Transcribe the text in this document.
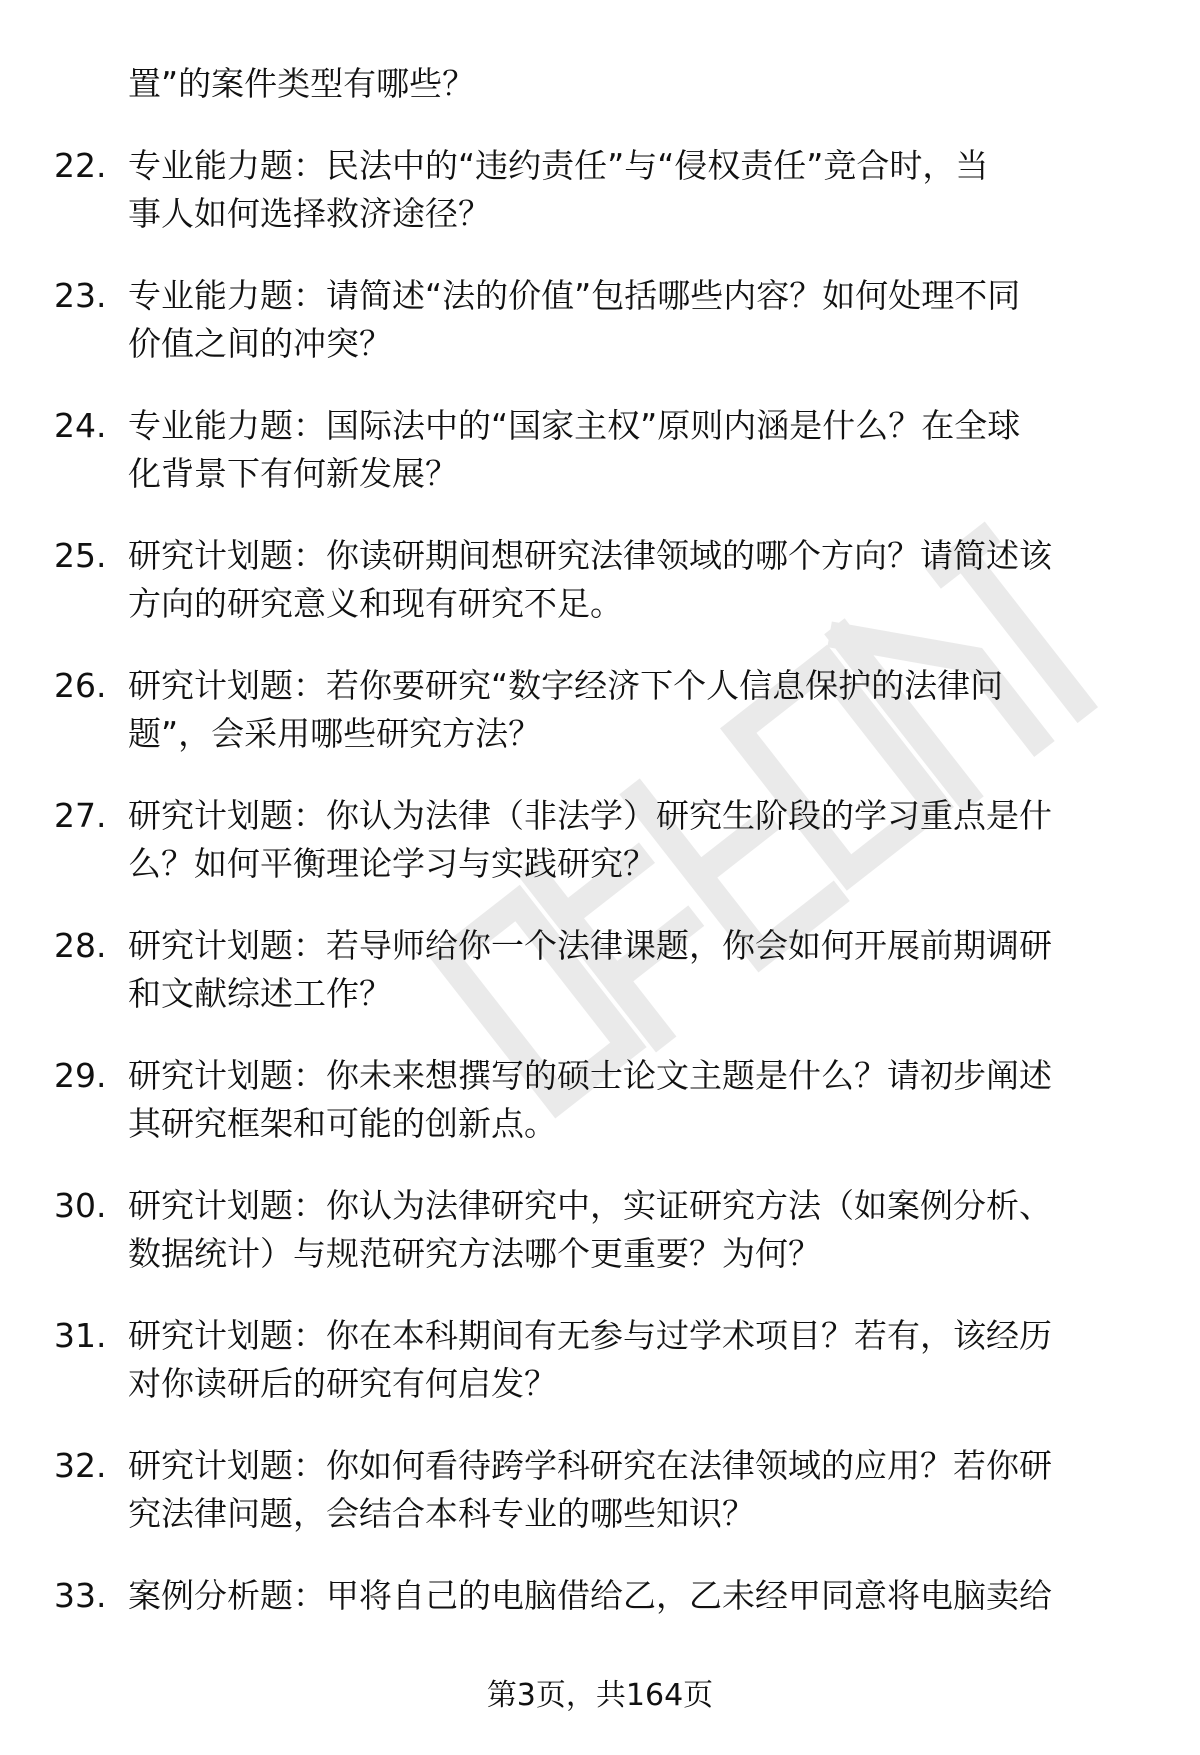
置”的案件类型有哪些？
22. 专业能力题：民法中的“违约责任”与“侵权责任”竞合时，当
事人如何选择救济途径？
23. 专业能力题：请简述“法的价值”包括哪些内容？如何处理不同
价值之间的冲突？
24. 专业能力题：国际法中的“国家主权”原则内涵是什么？在全球
化背景下有何新发展？
25. 研究计划题：你读研期间想研究法律领域的哪个方向？请简述该
方向的研究意义和现有研究不足。
26. 研究计划题：若你要研究“数字经济下个人信息保护的法律问
题”，会采用哪些研究方法？
27. 研究计划题：你认为法律（非法学）研究生阶段的学习重点是什
么？如何平衡理论学习与实践研究？
28. 研究计划题：若导师给你一个法律课题，你会如何开展前期调研
和文献综述工作？
29. 研究计划题：你未来想撰写的硕士论文主题是什么？请初步阐述
其研究框架和可能的创新点。
30. 研究计划题：你认为法律研究中，实证研究方法（如案例分析、
数据统计）与规范研究方法哪个更重要？为何？
31. 研究计划题：你在本科期间有无参与过学术项目？若有，该经历
对你读研后的研究有何启发？
32. 研究计划题：你如何看待跨学科研究在法律领域的应用？若你研
究法律问题，会结合本科专业的哪些知识？
33. 案例分析题：甲将自己的电脑借给乙，乙未经甲同意将电脑卖给
第3页，共164页
